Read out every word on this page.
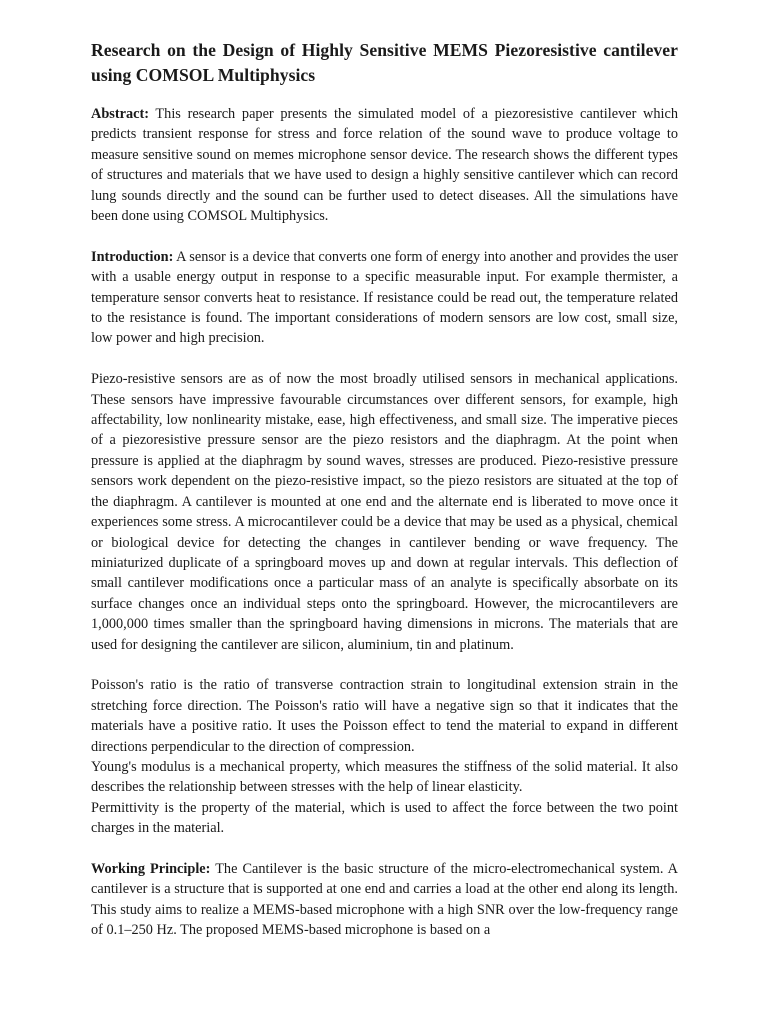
Research on the Design of Highly Sensitive MEMS Piezoresistive cantilever using COMSOL Multiphysics

Abstract: This research paper presents the simulated model of a piezoresistive cantilever which predicts transient response for stress and force relation of the sound wave to produce voltage to measure sensitive sound on memes microphone sensor device. The research shows the different types of structures and materials that we have used to design a highly sensitive cantilever which can record lung sounds directly and the sound can be further used to detect diseases. All the simulations have been done using COMSOL Multiphysics.

Introduction: A sensor is a device that converts one form of energy into another and provides the user with a usable energy output in response to a specific measurable input. For example thermister, a temperature sensor converts heat to resistance. If resistance could be read out, the temperature related to the resistance is found. The important considerations of modern sensors are low cost, small size, low power and high precision.

Piezo-resistive sensors are as of now the most broadly utilised sensors in mechanical applications. These sensors have impressive favourable circumstances over different sensors, for example, high affectability, low nonlinearity mistake, ease, high effectiveness, and small size. The imperative pieces of a piezoresistive pressure sensor are the piezo resistors and the diaphragm. At the point when pressure is applied at the diaphragm by sound waves, stresses are produced. Piezo-resistive pressure sensors work dependent on the piezo-resistive impact, so the piezo resistors are situated at the top of the diaphragm. A cantilever is mounted at one end and the alternate end is liberated to move once it experiences some stress. A microcantilever could be a device that may be used as a physical, chemical or biological device for detecting the changes in cantilever bending or wave frequency. The miniaturized duplicate of a springboard moves up and down at regular intervals. This deflection of small cantilever modifications once a particular mass of an analyte is specifically absorbate on its surface changes once an individual steps onto the springboard. However, the microcantilevers are 1,000,000 times smaller than the springboard having dimensions in microns. The materials that are used for designing the cantilever are silicon, aluminium, tin and platinum.

Poisson's ratio is the ratio of transverse contraction strain to longitudinal extension strain in the stretching force direction. The Poisson's ratio will have a negative sign so that it indicates that the materials have a positive ratio. It uses the Poisson effect to tend the material to expand in different directions perpendicular to the direction of compression.

Young's modulus is a mechanical property, which measures the stiffness of the solid material. It also describes the relationship between stresses with the help of linear elasticity.

Permittivity is the property of the material, which is used to affect the force between the two point charges in the material.

Working Principle: The Cantilever is the basic structure of the micro-electromechanical system. A cantilever is a structure that is supported at one end and carries a load at the other end along its length. This study aims to realize a MEMS-based microphone with a high SNR over the low-frequency range of 0.1–250 Hz. The proposed MEMS-based microphone is based on a
